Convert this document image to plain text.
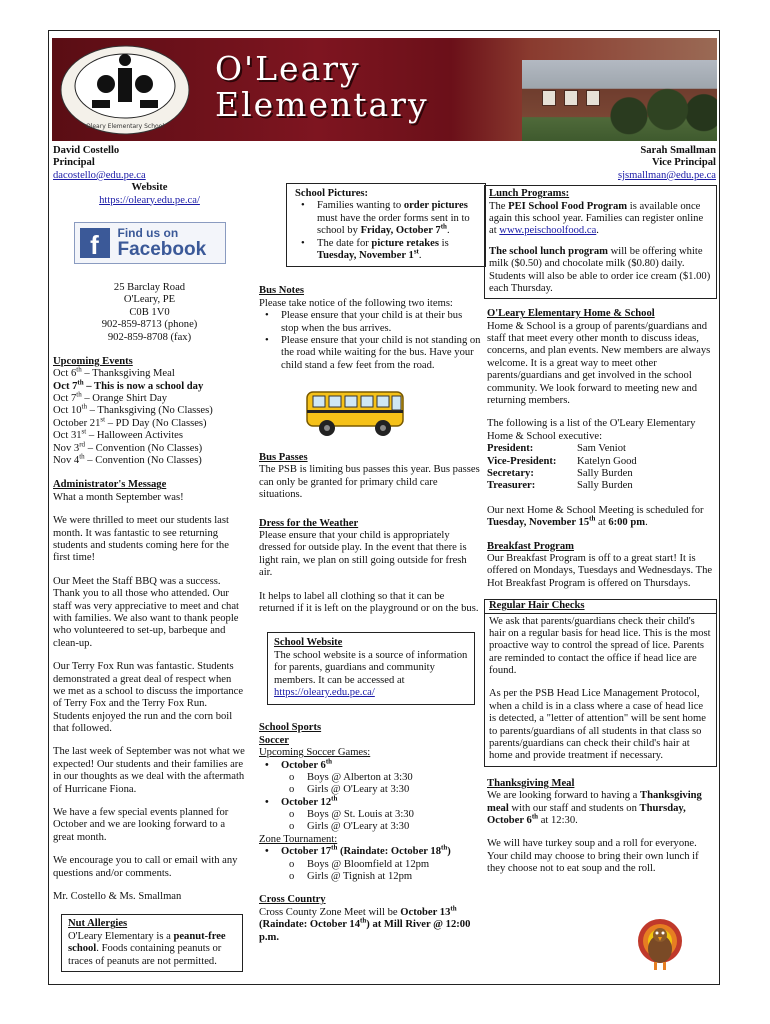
Oleary Elementary School
O'Leary
Elementary

David Costello

Principal

dacostello@edu.pe.ca

Website

https://oleary.edu.pe.ca/

f	Find us on
Facebook

25 Barclay Road

O'Leary, PE

C0B 1V0

902-859-8713 (phone)

902-859-8708 (fax)

Upcoming Events

Oct 6th – Thanksgiving Meal

Oct 7th – This is now a school day

Oct 7th – Orange Shirt Day

Oct 10th – Thanksgiving (No Classes)

October 21st – PD Day (No Classes)

Oct 31st – Halloween Activites

Nov 3rd – Convention (No Classes)

Nov 4th – Convention (No Classes)

Administrator's Message

What a month September was!

We were thrilled to meet our students last month. It was fantastic to see returning students and students coming here for the first time!

Our Meet the Staff BBQ was a success. Thank you to all those who attended. Our staff was very appreciative to meet and chat with families. We also want to thank people who volunteered to set-up, barbeque and clean-up.

Our Terry Fox Run was fantastic. Students demonstrated a great deal of respect when we met as a school to discuss the importance of Terry Fox and the Terry Fox Run. Students enjoyed the run and the corn boil that followed.

The last week of September was not what we expected! Our students and their families are in our thoughts as we deal with the aftermath of Hurricane Fiona.

We have a few special events planned for October and we are looking forward to a great month.

We encourage you to call or email with any questions and/or comments.

Mr. Costello & Ms. Smallman

Nut Allergies

O'Leary Elementary is a peanut-free school. Foods containing peanuts or traces of peanuts are not permitted.

School Pictures:

• Families wanting to order pictures must have the order forms sent in to school by Friday, October 7th.
• The date for picture retakes is Tuesday, November 1st.

Bus Notes

Please take notice of the following two items:

• Please ensure that your child is at their bus stop when the bus arrives.
• Please ensure that your child is not standing on the road while waiting for the bus. Have your child stand a few feet from the road.

Bus Passes

The PSB is limiting bus passes this year. Bus passes can only be granted for primary child care situations.

Dress for the Weather

Please ensure that your child is appropriately dressed for outside play. In the event that there is light rain, we plan on still going outside for fresh air.

It helps to label all clothing so that it can be returned if it is left on the playground or on the bus.

School Website

The school website is a source of information for parents, guardians and community members. It can be accessed at https://oleary.edu.pe.ca/

School Sports

Soccer

Upcoming Soccer Games:

• October 6th
o Boys @ Alberton at 3:30
o Girls @ O'Leary at 3:30
• October 12th
o Boys @ St. Louis at 3:30
o Girls @ O'Leary at 3:30

Zone Tournament:

• October 17th (Raindate: October 18th)
o Boys @ Bloomfield at 12pm
o Girls @ Tignish at 12pm

Cross Country

Cross County Zone Meet will be October 13th (Raindate: October 14th) at Mill River @ 12:00 p.m.

Sarah Smallman

Vice Principal

sjsmallman@edu.pe.ca

Lunch Programs:

The PEI School Food Program is available once again this school year. Families can register online at www.peischoolfood.ca.

The school lunch program will be offering white milk ($0.50) and chocolate milk ($0.80) daily. Students will also be able to order ice cream ($1.00) each Thursday.

O'Leary Elementary Home & School

Home & School is a group of parents/guardians and staff that meet every other month to discuss ideas, concerns, and plan events. New members are always welcome. It is a great way to meet other parents/guardians and get involved in the school community. We look forward to meeting new and returning members.

The following is a list of the O'Leary Elementary Home & School executive:

President:	Sam Veniot
Vice-President:	Katelyn Good
Secretary:	Sally Burden
Treasurer:	Sally Burden

Our next Home & School Meeting is scheduled for Tuesday, November 15th at 6:00 pm.

Breakfast Program

Our Breakfast Program is off to a great start! It is offered on Mondays, Tuesdays and Wednesdays. The Hot Breakfast Program is offered on Thursdays.

Regular Hair Checks

We ask that parents/guardians check their child's hair on a regular basis for head lice. This is the most proactive way to control the spread of lice. Parents are reminded to contact the office if head lice are found.

As per the PSB Head Lice Management Protocol, when a child is in a class where a case of head lice is detected, a "letter of attention" will be sent home to parents/guardians of all students in that class so parents/guardians can check their child's hair at home and provide treatment if necessary.

Thanksgiving Meal

We are looking forward to having a Thanksgiving meal with our staff and students on Thursday, October 6th at 12:30.

We will have turkey soup and a roll for everyone. Your child may choose to bring their own lunch if they choose not to eat soup and the roll.
